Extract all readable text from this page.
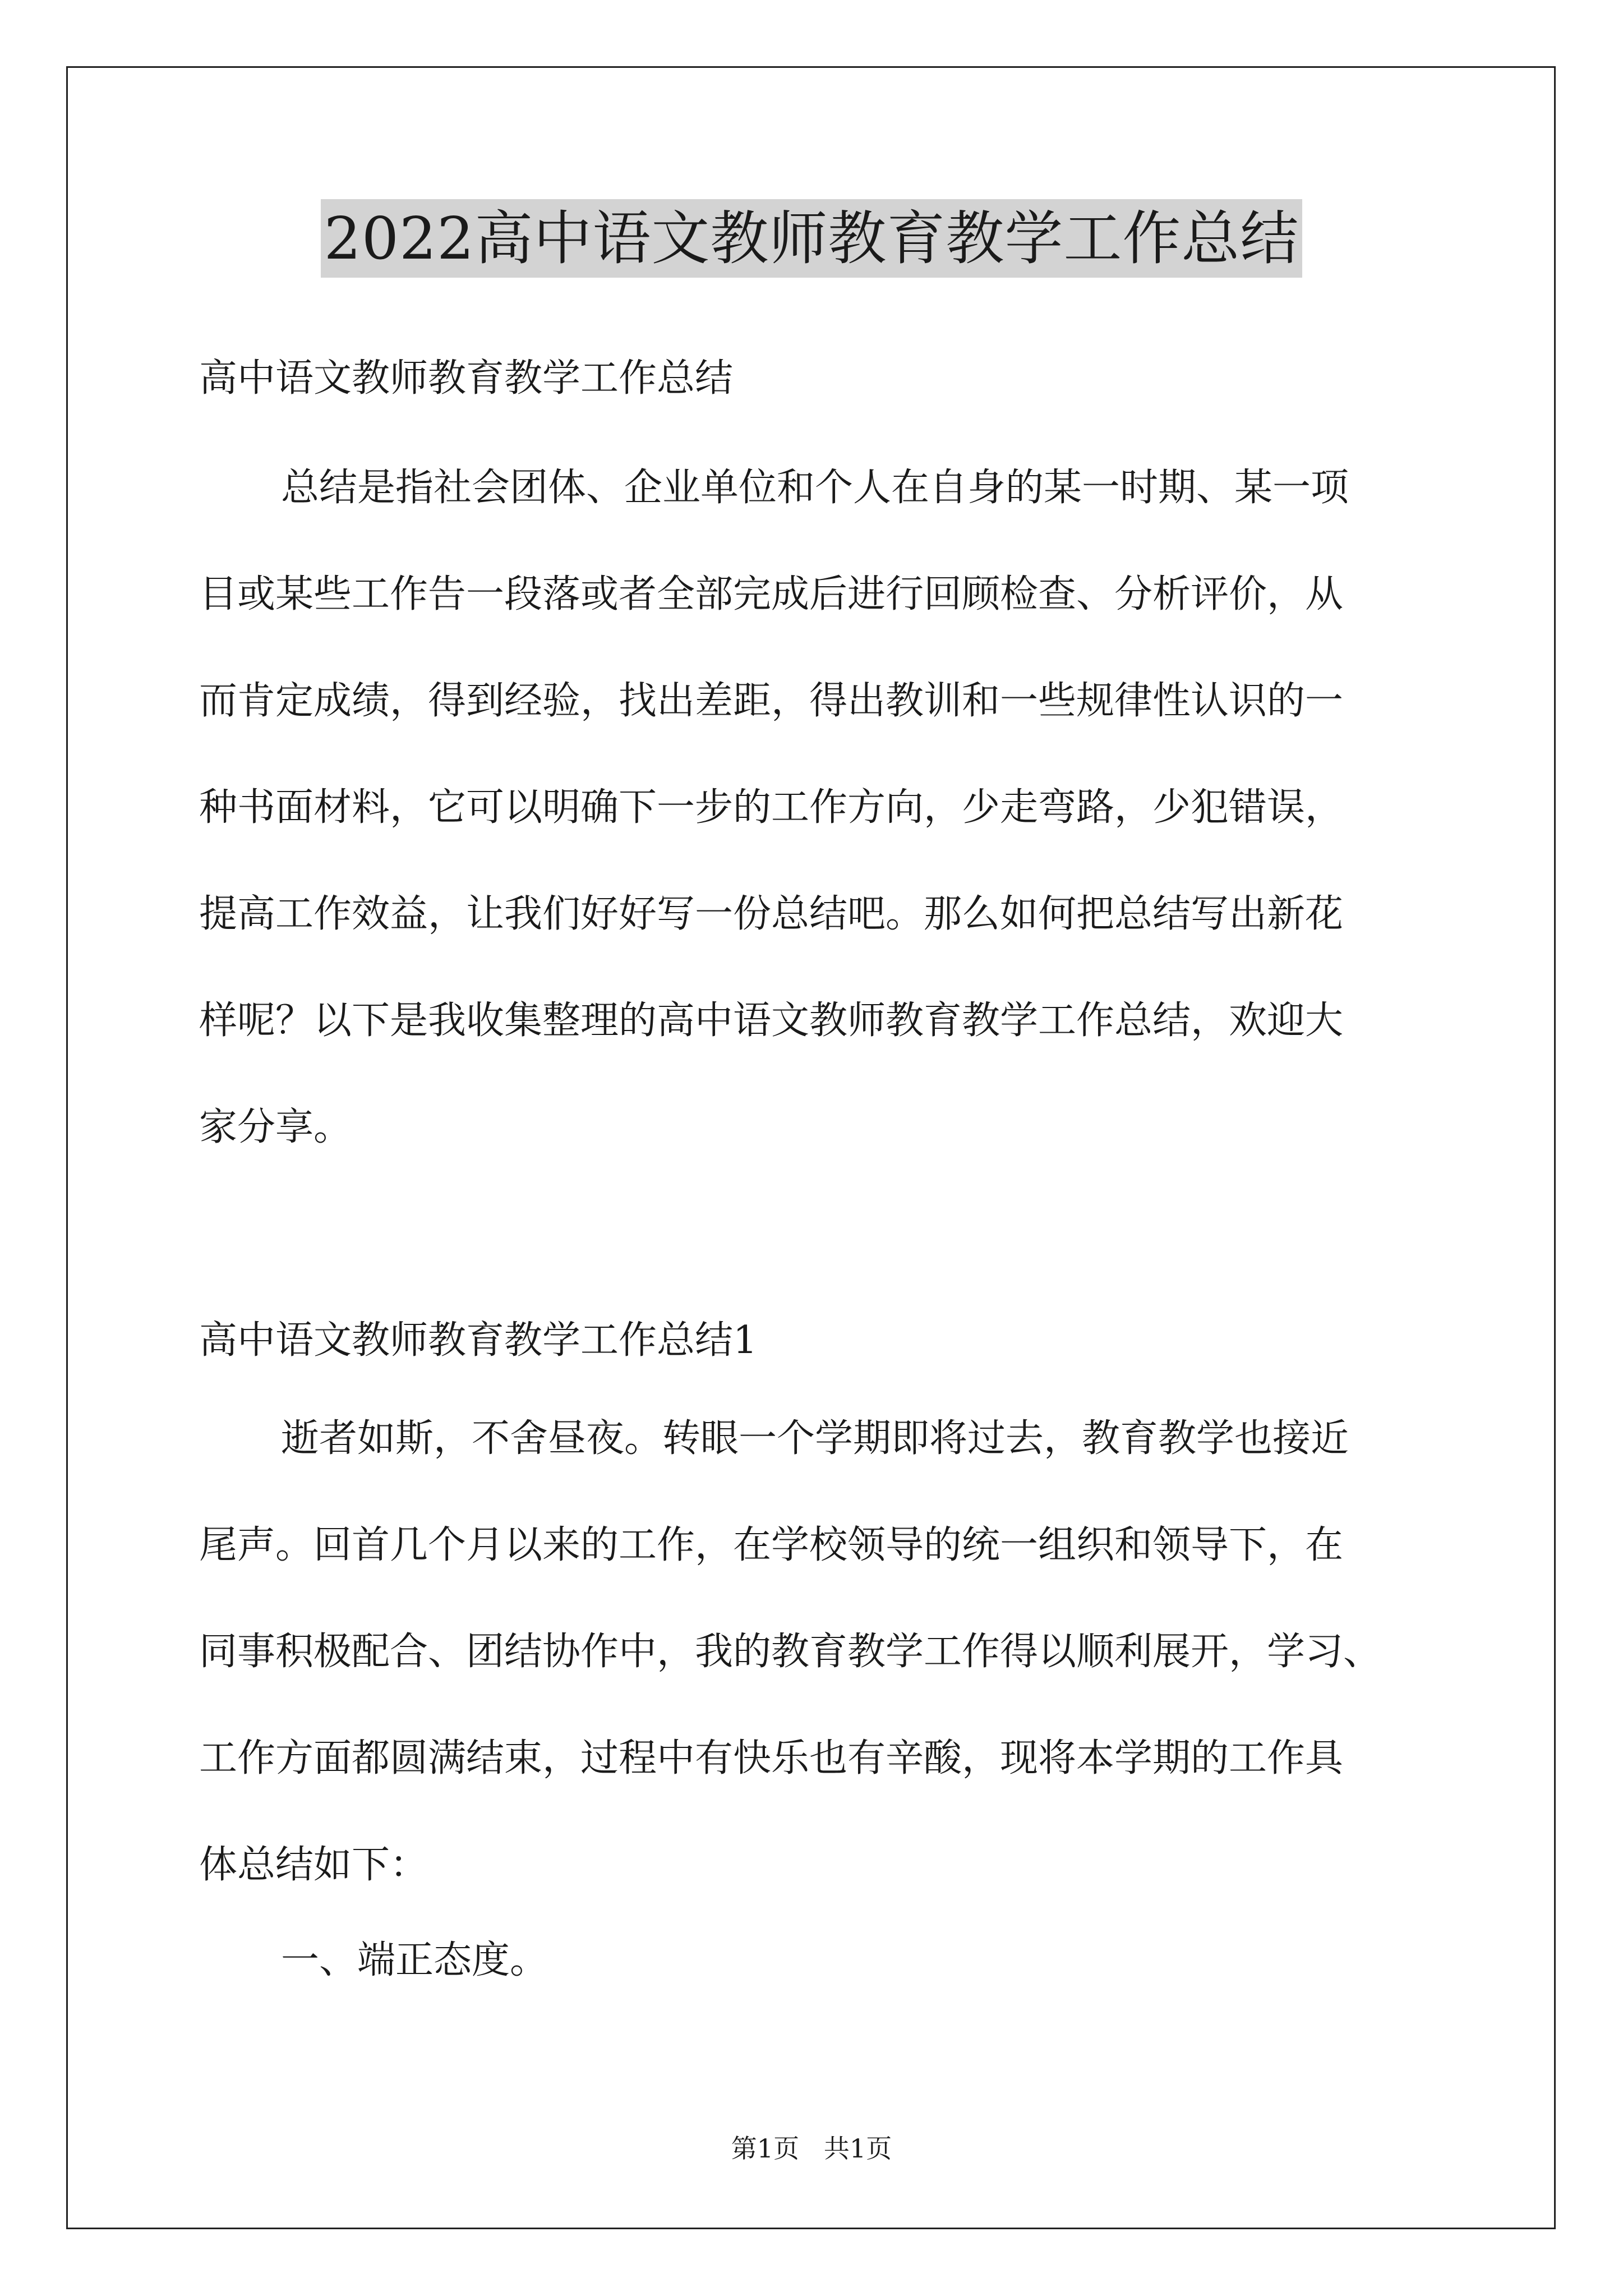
2022高中语文教师教育教学工作总结
高中语文教师教育教学工作总结
总结是指社会团体、企业单位和个人在自身的某一时期、某一项
目或某些工作告一段落或者全部完成后进行回顾检查、分析评价，从
而肯定成绩，得到经验，找出差距，得出教训和一些规律性认识的一
种书面材料，它可以明确下一步的工作方向，少走弯路，少犯错误，
提高工作效益，让我们好好写一份总结吧。那么如何把总结写出新花
样呢？以下是我收集整理的高中语文教师教育教学工作总结，欢迎大
家分享。
高中语文教师教育教学工作总结1
逝者如斯，不舍昼夜。转眼一个学期即将过去，教育教学也接近
尾声。回首几个月以来的工作，在学校领导的统一组织和领导下，在
同事积极配合、团结协作中，我的教育教学工作得以顺利展开，学习、
工作方面都圆满结束，过程中有快乐也有辛酸，现将本学期的工作具
体总结如下：
一、端正态度。
第1页   共1页
